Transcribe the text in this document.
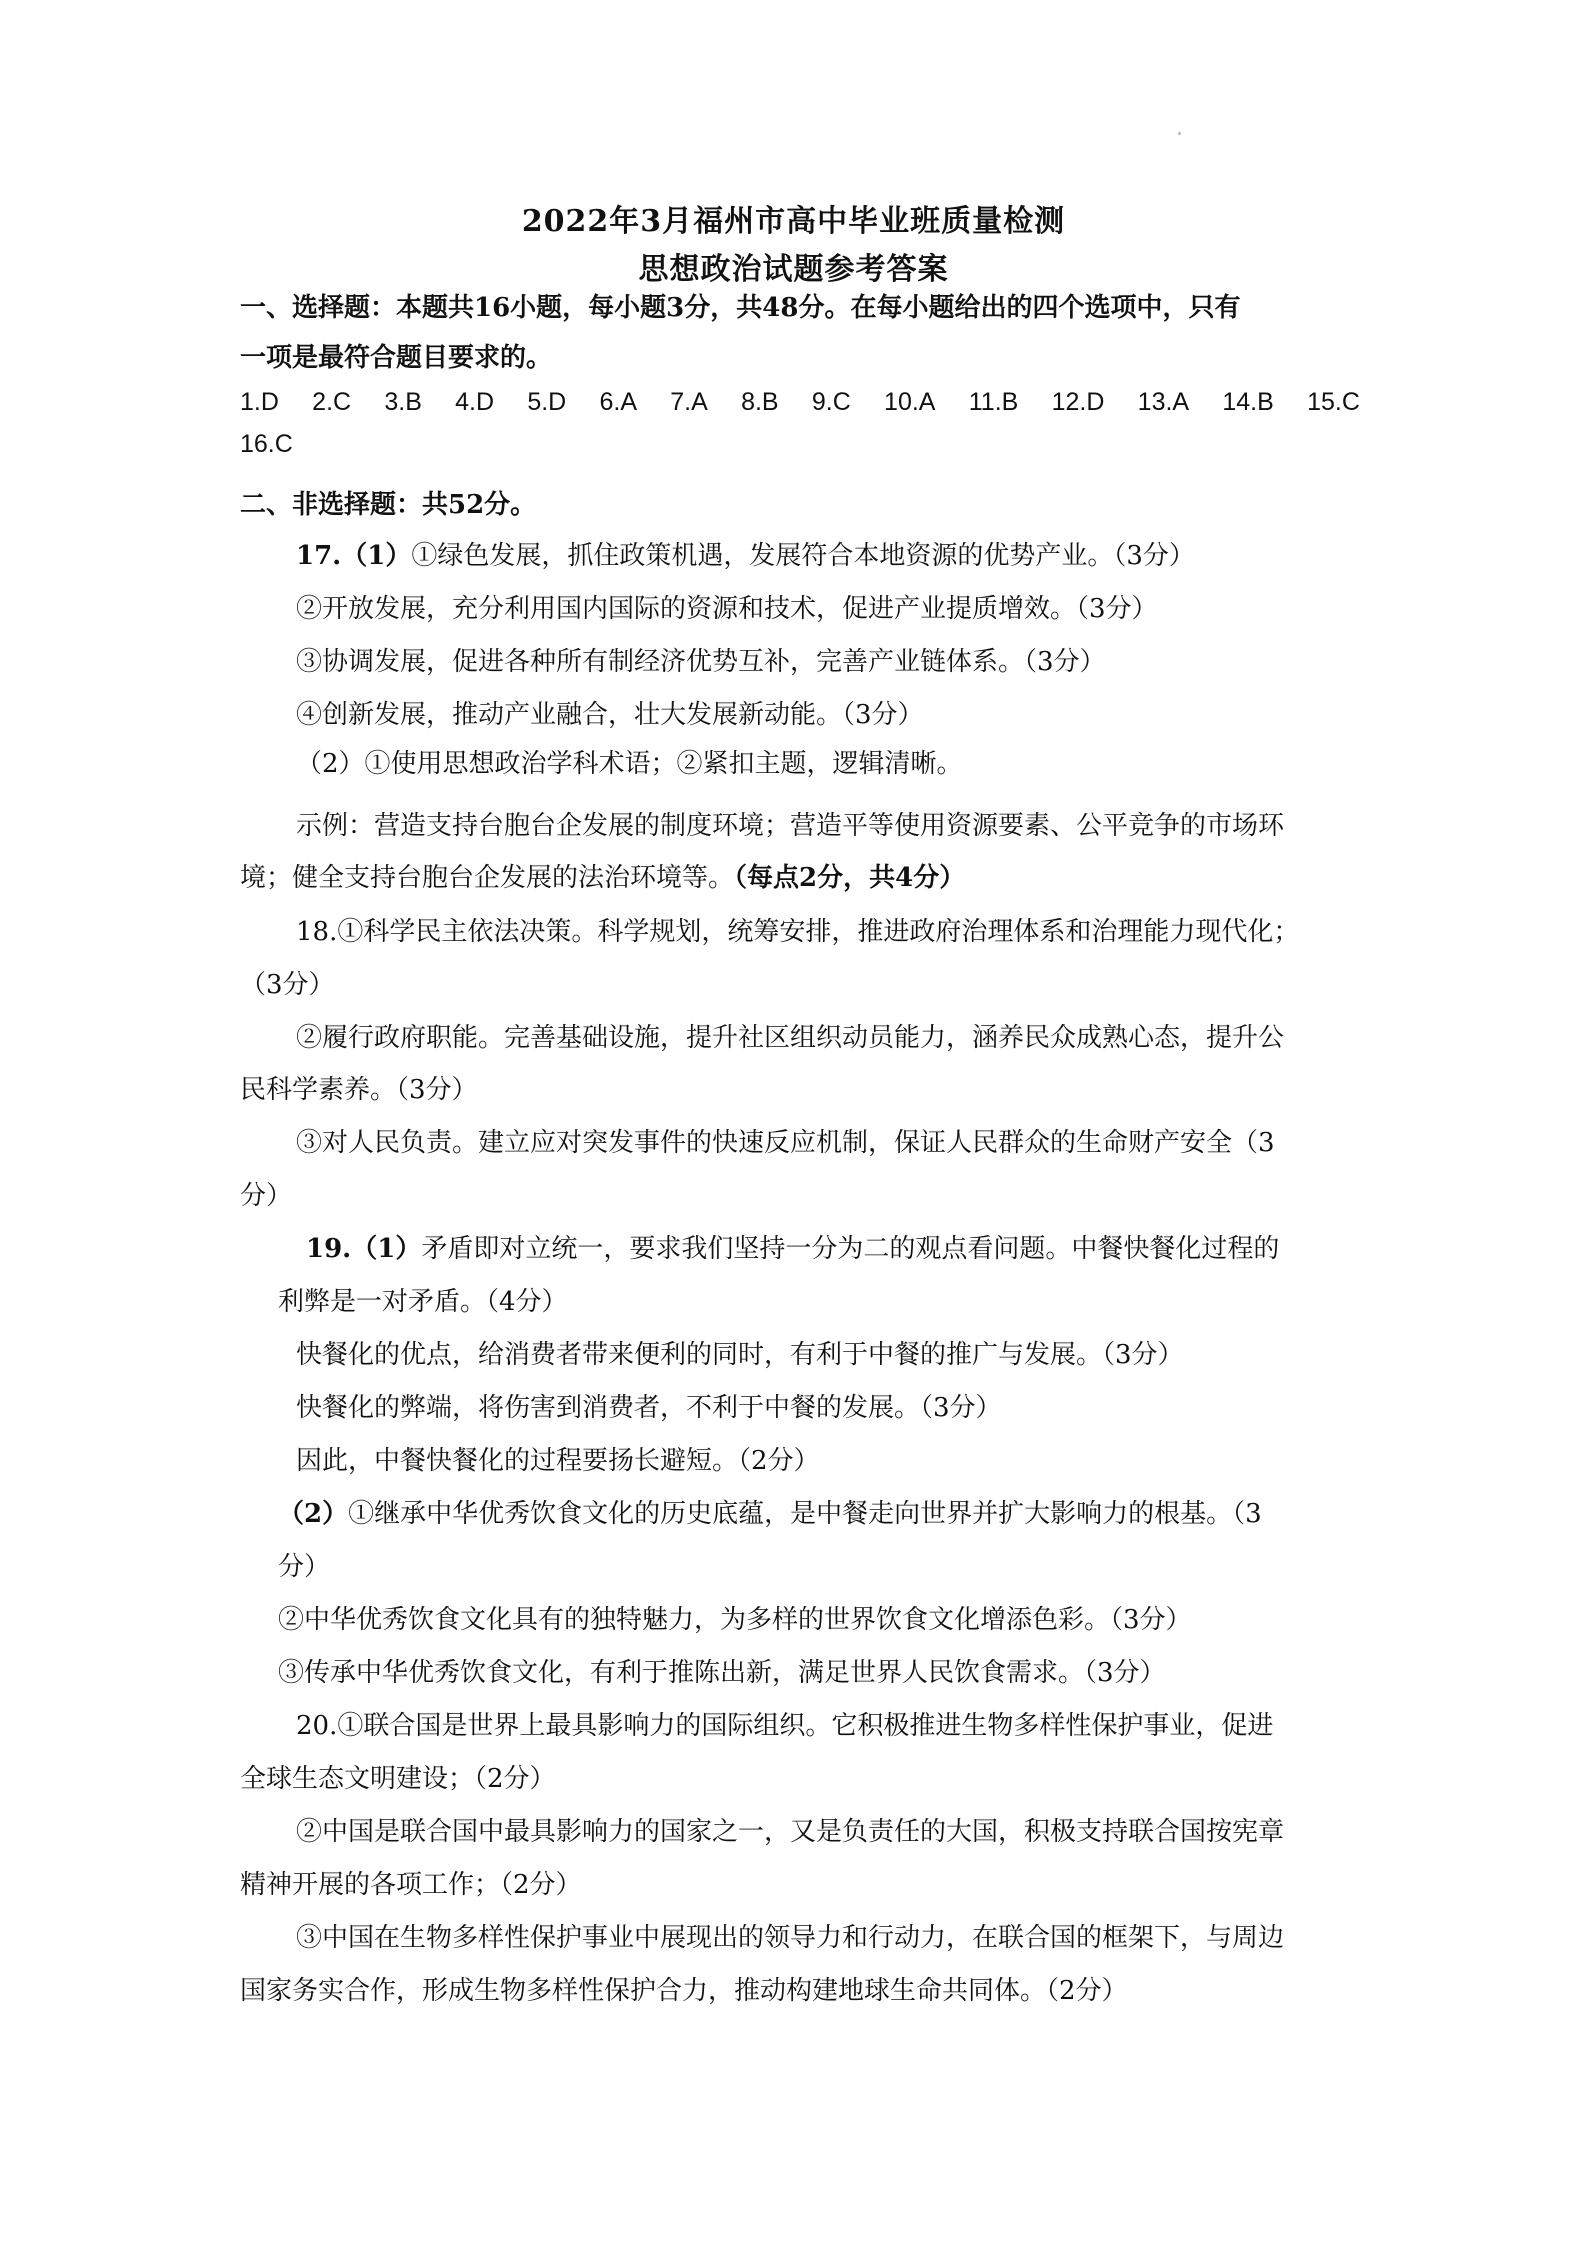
2022年3月福州市高中毕业班质量检测
思想政治试题参考答案
一、选择题：本题共16小题，每小题3分，共48分。在每小题给出的四个选项中，只有
一项是最符合题目要求的。
1.D 2.C 3.B 4.D 5.D 6.A 7.A 8.B 9.C 10.A 11.B 12.D 13.A 14.B 15.C
16.C
二、非选择题：共52分。
17.（1）①绿色发展，抓住政策机遇，发展符合本地资源的优势产业。（3分）
②开放发展，充分利用国内国际的资源和技术，促进产业提质增效。（3分）
③协调发展，促进各种所有制经济优势互补，完善产业链体系。（3分）
④创新发展，推动产业融合，壮大发展新动能。（3分）
（2）①使用思想政治学科术语；②紧扣主题，逻辑清晰。
示例：营造支持台胞台企发展的制度环境；营造平等使用资源要素、公平竞争的市场环
境；健全支持台胞台企发展的法治环境等。（每点2分，共4分）
18.①科学民主依法决策。科学规划，统筹安排，推进政府治理体系和治理能力现代化；
（3分）
②履行政府职能。完善基础设施，提升社区组织动员能力，涵养民众成熟心态，提升公
民科学素养。（3分）
③对人民负责。建立应对突发事件的快速反应机制，保证人民群众的生命财产安全（3
分）
19.（1）矛盾即对立统一，要求我们坚持一分为二的观点看问题。中餐快餐化过程的
利弊是一对矛盾。（4分）
快餐化的优点，给消费者带来便利的同时，有利于中餐的推广与发展。（3分）
快餐化的弊端，将伤害到消费者，不利于中餐的发展。（3分）
因此，中餐快餐化的过程要扬长避短。（2分）
（2）①继承中华优秀饮食文化的历史底蕴，是中餐走向世界并扩大影响力的根基。（3
分）
②中华优秀饮食文化具有的独特魅力，为多样的世界饮食文化增添色彩。（3分）
③传承中华优秀饮食文化，有利于推陈出新，满足世界人民饮食需求。（3分）
20.①联合国是世界上最具影响力的国际组织。它积极推进生物多样性保护事业，促进
全球生态文明建设；（2分）
②中国是联合国中最具影响力的国家之一，又是负责任的大国，积极支持联合国按宪章
精神开展的各项工作；（2分）
③中国在生物多样性保护事业中展现出的领导力和行动力，在联合国的框架下，与周边
国家务实合作，形成生物多样性保护合力，推动构建地球生命共同体。（2分）
